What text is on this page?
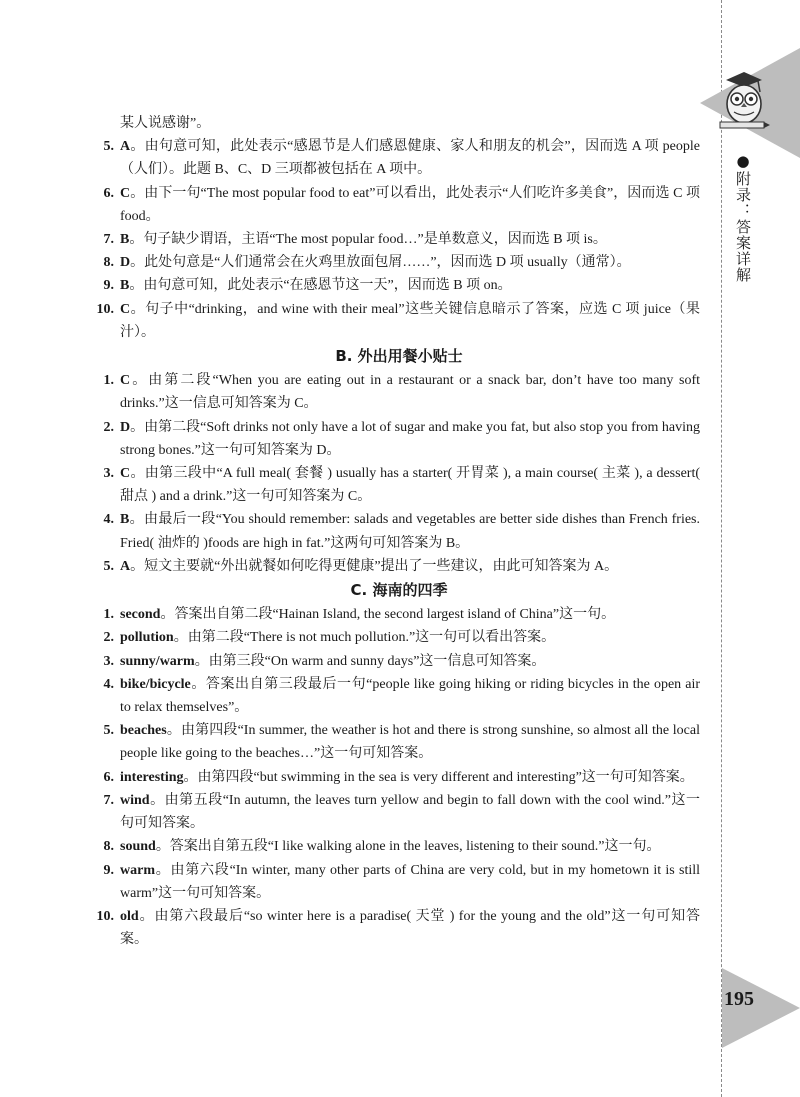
●附录：答案详解
195
某人说感谢”。
5. A。由句意可知，此处表示“感恩节是人们感恩健康、家人和朋友的机会”，因而选 A 项 people（人们）。此题 B、C、D 三项都被包括在 A 项中。
6. C。由下一句“The most popular food to eat”可以看出，此处表示“人们吃许多美食”，因而选 C 项 food。
7. B。句子缺少谓语，主语“The most popular food…”是单数意义，因而选 B 项 is。
8. D。此处句意是“人们通常会在火鸡里放面包屑……”，因而选 D 项 usually（通常）。
9. B。由句意可知，此处表示“在感恩节这一天”，因而选 B 项 on。
10. C。句子中“drinking，and wine with their meal”这些关键信息暗示了答案，应选 C 项 juice（果汁）。
B. 外出用餐小贴士
1. C。由第二段“When you are eating out in a restaurant or a snack bar, don’t have too many soft drinks.”这一信息可知答案为 C。
2. D。由第二段“Soft drinks not only have a lot of sugar and make you fat, but also stop you from having strong bones.”这一句可知答案为 D。
3. C。由第三段中“A full meal( 套餐 ) usually has a starter( 开胃菜 ), a main course( 主菜 ), a dessert( 甜点 ) and a drink.”这一句可知答案为 C。
4. B。由最后一段“You should remember: salads and vegetables are better side dishes than French fries. Fried( 油炸的 )foods are high in fat.”这两句可知答案为 B。
5. A。短文主要就“外出就餐如何吃得更健康”提出了一些建议，由此可知答案为 A。
C. 海南的四季
1. second。答案出自第二段“Hainan Island, the second largest island of China”这一句。
2. pollution。由第二段“There is not much pollution.”这一句可以看出答案。
3. sunny/warm。由第三段“On warm and sunny days”这一信息可知答案。
4. bike/bicycle。答案出自第三段最后一句“people like going hiking or riding bicycles in the open air to relax themselves”。
5. beaches。由第四段“In summer, the weather is hot and there is strong sunshine, so almost all the local people like going to the beaches…”这一句可知答案。
6. interesting。由第四段“but swimming in the sea is very different and interesting”这一句可知答案。
7. wind。由第五段“In autumn, the leaves turn yellow and begin to fall down with the cool wind.”这一句可知答案。
8. sound。答案出自第五段“I like walking alone in the leaves, listening to their sound.”这一句。
9. warm。由第六段“In winter, many other parts of China are very cold, but in my hometown it is still warm”这一句可知答案。
10. old。由第六段最后“so winter here is a paradise( 天堂 ) for the young and the old”这一句可知答案。
